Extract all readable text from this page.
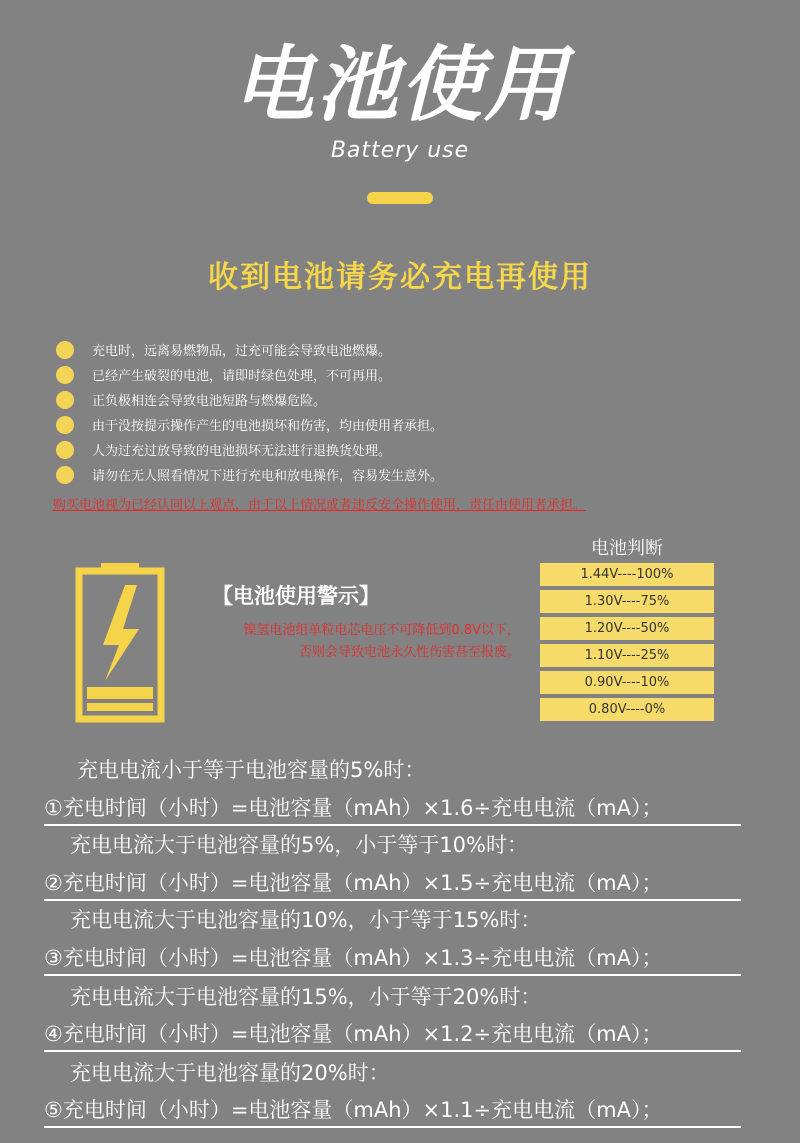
电池使用
Battery use
收到电池请务必充电再使用
充电时，远离易燃物品，过充可能会导致电池燃爆。
已经产生破裂的电池，请即时绿色处理，不可再用。
正负极相连会导致电池短路与燃爆危险。
由于没按提示操作产生的电池损坏和伤害，均由使用者承担。
人为过充过放导致的电池损坏无法进行退换货处理。
请勿在无人照看情况下进行充电和放电操作，容易发生意外。
购买电池视为已经认同以上观点，由于以上情况或者违反安全操作使用，责任由使用者承担。
【电池使用警示】
镍氢电池组单粒电芯电压不可降低到0.8V以下，
否则会导致电池永久性伤害甚至报废。
电池判断
1.44V----100%
1.30V----75%
1.20V----50%
1.10V----25%
0.90V----10%
0.80V----0%
充电电流小于等于电池容量的5%时：
①充电时间（小时）=电池容量（mAh）×1.6÷充电电流（mA）；
充电电流大于电池容量的5%，小于等于10%时：
②充电时间（小时）=电池容量（mAh）×1.5÷充电电流（mA）；
充电电流大于电池容量的10%，小于等于15%时：
③充电时间（小时）=电池容量（mAh）×1.3÷充电电流（mA）；
充电电流大于电池容量的15%，小于等于20%时：
④充电时间（小时）=电池容量（mAh）×1.2÷充电电流（mA）；
充电电流大于电池容量的20%时：
⑤充电时间（小时）=电池容量（mAh）×1.1÷充电电流（mA）；
